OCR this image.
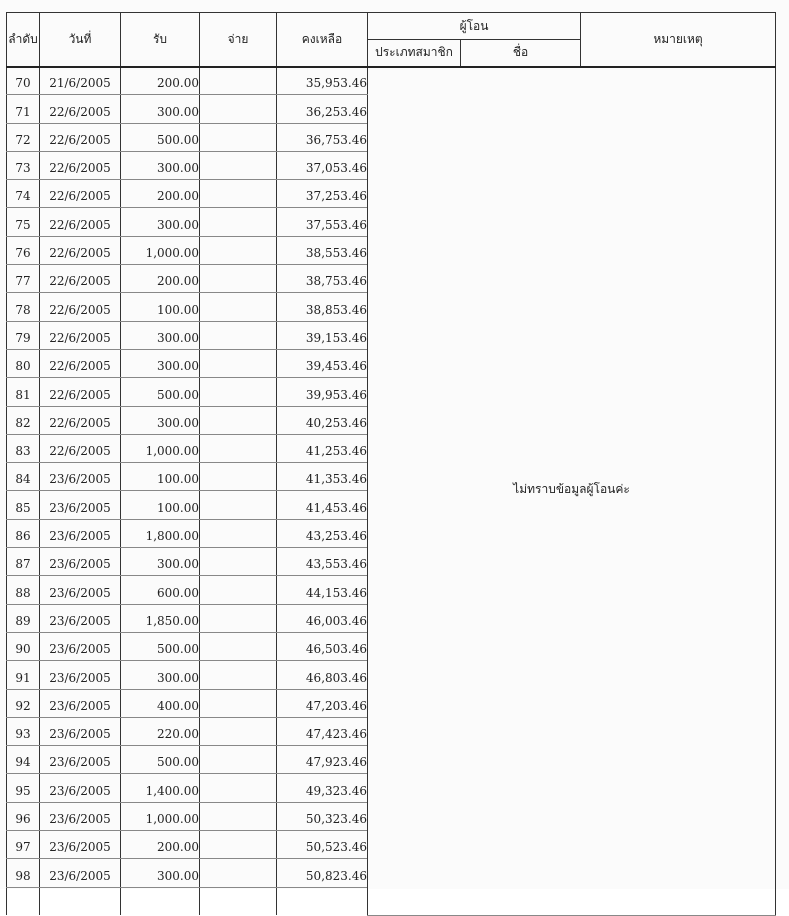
ลำดับ	วันที่	รับ	จ่าย	คงเหลือ	ผู้โอน		หมายเหตุ
					ประเภทสมาชิก	ชื่อ	
70	21/6/2005	200.00		35,953.46	ไม่ทราบข้อมูลผู้โอนค่ะ		
71	22/6/2005	300.00		36,253.46			
72	22/6/2005	500.00		36,753.46			
73	22/6/2005	300.00		37,053.46			
74	22/6/2005	200.00		37,253.46			
75	22/6/2005	300.00		37,553.46			
76	22/6/2005	1,000.00		38,553.46			
77	22/6/2005	200.00		38,753.46			
78	22/6/2005	100.00		38,853.46			
79	22/6/2005	300.00		39,153.46			
80	22/6/2005	300.00		39,453.46			
81	22/6/2005	500.00		39,953.46			
82	22/6/2005	300.00		40,253.46			
83	22/6/2005	1,000.00		41,253.46			
84	23/6/2005	100.00		41,353.46			
85	23/6/2005	100.00		41,453.46			
86	23/6/2005	1,800.00		43,253.46			
87	23/6/2005	300.00		43,553.46			
88	23/6/2005	600.00		44,153.46			
89	23/6/2005	1,850.00		46,003.46			
90	23/6/2005	500.00		46,503.46			
91	23/6/2005	300.00		46,803.46			
92	23/6/2005	400.00		47,203.46			
93	23/6/2005	220.00		47,423.46			
94	23/6/2005	500.00		47,923.46			
95	23/6/2005	1,400.00		49,323.46			
96	23/6/2005	1,000.00		50,323.46			
97	23/6/2005	200.00		50,523.46			
98	23/6/2005	300.00		50,823.46			
